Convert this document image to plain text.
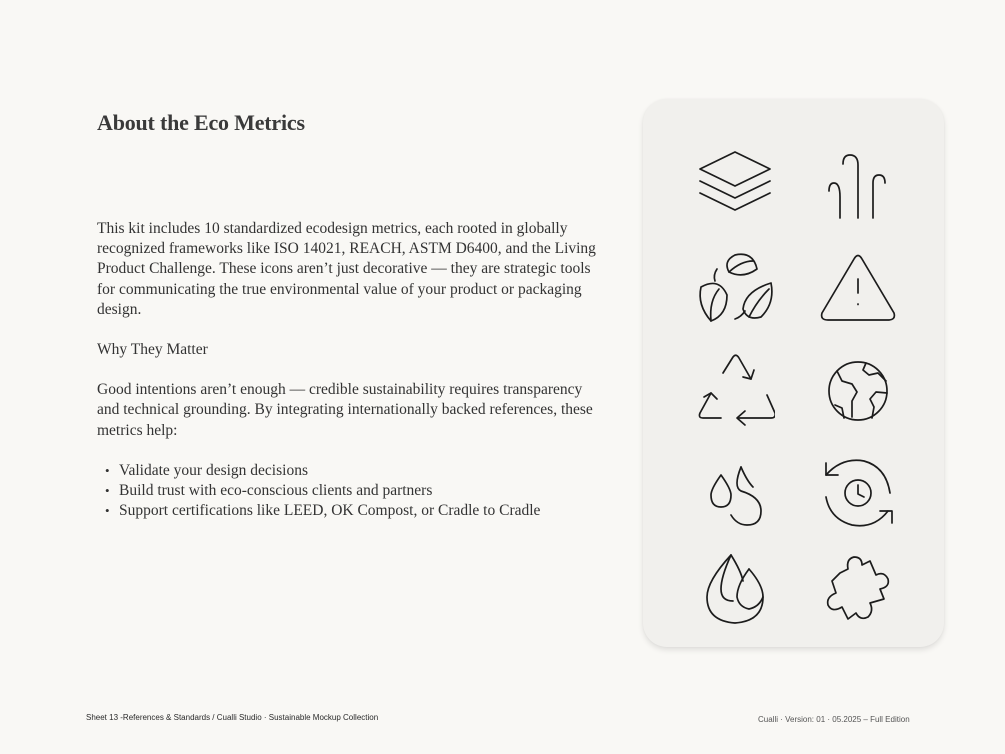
About the Eco Metrics

This kit includes 10 standardized ecodesign metrics, each rooted in globally recognized frameworks like ISO 14021, REACH, ASTM D6400, and the Living Product Challenge. These icons aren’t just decorative — they are strategic tools for communicating the true environmental value of your product or packaging design.

Why They Matter

Good intentions aren’t enough — credible sustainability requires transparency and technical grounding. By integrating internationally backed references, these metrics help:

• Validate your design decisions
• Build trust with eco-conscious clients and partners
• Support certifications like LEED, OK Compost, or Cradle to Cradle
Sheet 13 -References & Standards / Cualli Studio · Sustainable Mockup Collection	Cualli · Version: 01 · 05.2025 – Full Edition
